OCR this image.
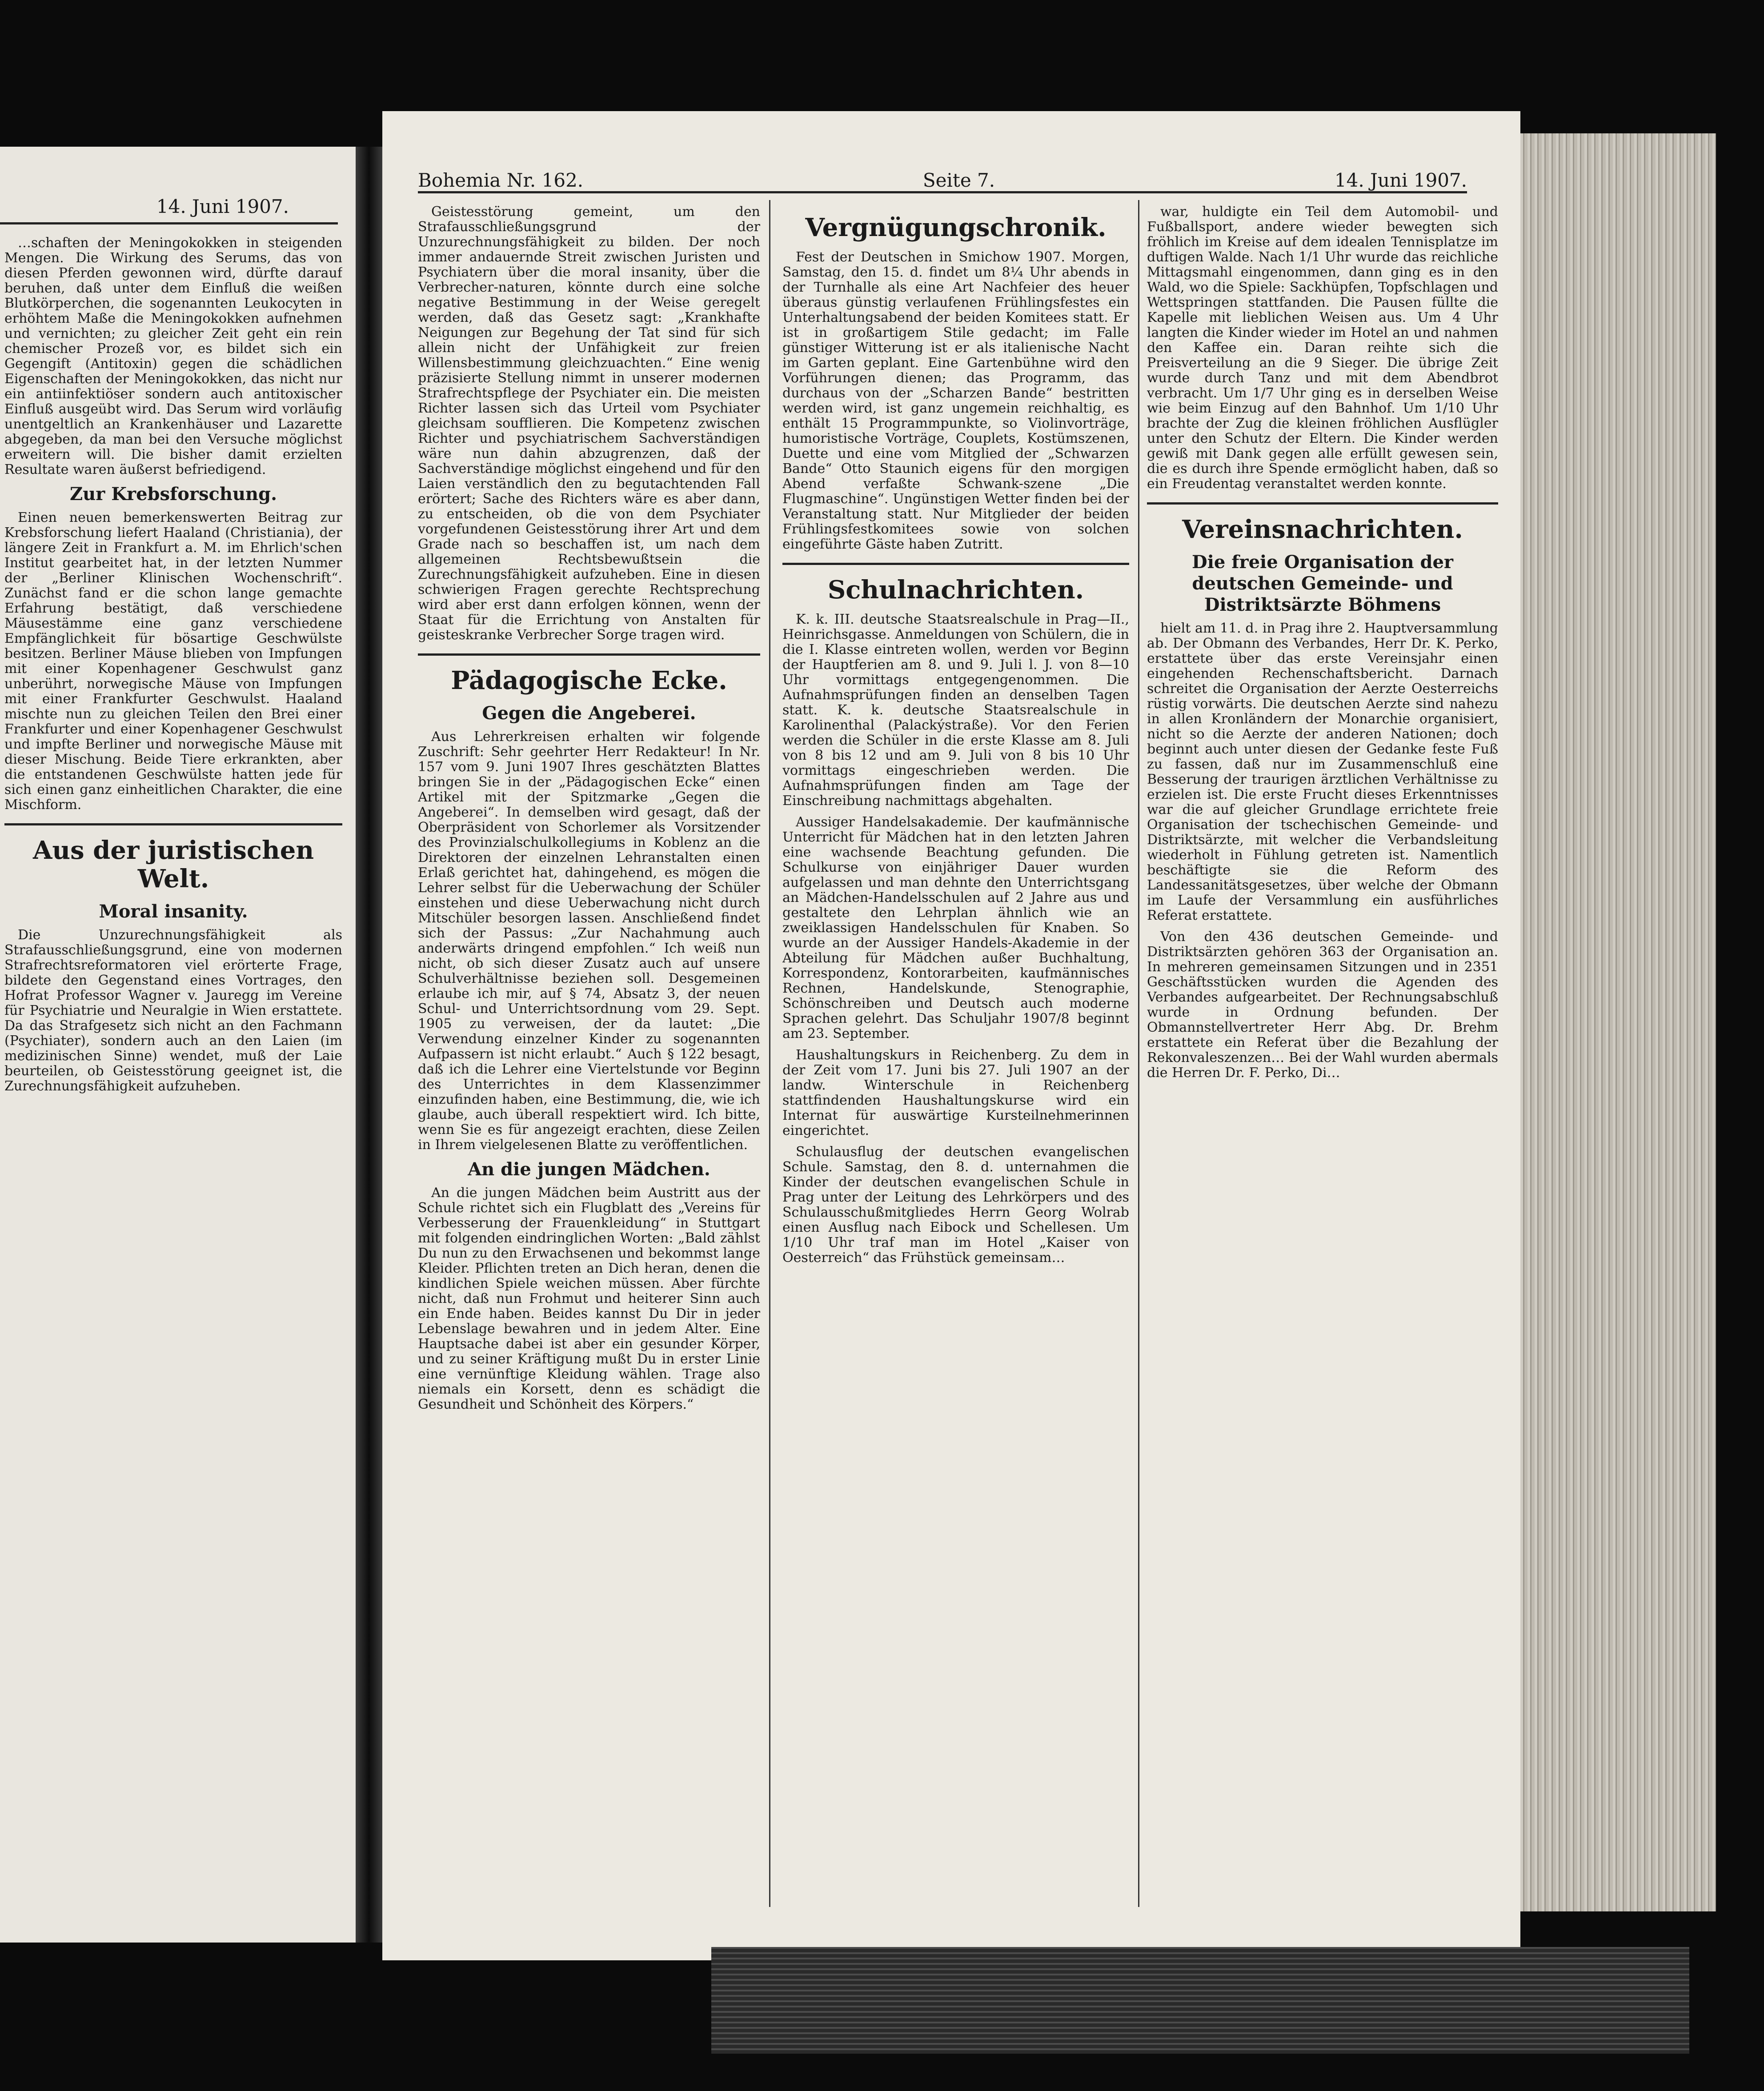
14. Juni 1907.

…schaften der Meningokokken in steigenden Mengen. Die Wirkung des Serums, das von diesen Pferden gewonnen wird, dürfte darauf beruhen, daß unter dem Einfluß die weißen Blutkörperchen, die sogenannten Leukocyten in erhöhtem Maße die Meningokokken aufnehmen und vernichten; zu gleicher Zeit geht ein rein chemischer Prozeß vor, es bildet sich ein Gegengift (Antitoxin) gegen die schädlichen Eigenschaften der Meningokokken, das nicht nur ein antiinfektiöser sondern auch antitoxischer Einfluß ausgeübt wird. Das Serum wird vorläufig unentgeltlich an Krankenhäuser und Lazarette abgegeben, da man bei den Versuche möglichst erweitern will. Die bisher damit erzielten Resultate waren äußerst befriedigend.

Zur Krebsforschung.

Einen neuen bemerkenswerten Beitrag zur Krebsforschung liefert Haaland (Christiania), der längere Zeit in Frankfurt a. M. im Ehrlich'schen Institut gearbeitet hat, in der letzten Nummer der „Berliner Klinischen Wochenschrift“. Zunächst fand er die schon lange gemachte Erfahrung bestätigt, daß verschiedene Mäusestämme eine ganz verschiedene Empfänglichkeit für bösartige Geschwülste besitzen. Berliner Mäuse blieben von Impfungen mit einer Kopenhagener Geschwulst ganz unberührt, norwegische Mäuse von Impfungen mit einer Frankfurter Geschwulst. Haaland mischte nun zu gleichen Teilen den Brei einer Frankfurter und einer Kopenhagener Geschwulst und impfte Berliner und norwegische Mäuse mit dieser Mischung. Beide Tiere erkrankten, aber die entstandenen Geschwülste hatten jede für sich einen ganz einheitlichen Charakter, die eine Mischform.

Aus der juristischen Welt.
Moral insanity.

Die Unzurechnungsfähigkeit als Strafausschließungsgrund, eine von modernen Strafrechtsreformatoren viel erörterte Frage, bildete den Gegenstand eines Vortrages, den Hofrat Professor Wagner v. Jauregg im Vereine für Psychiatrie und Neuralgie in Wien erstattete. Da das Strafgesetz sich nicht an den Fachmann (Psychiater), sondern auch an den Laien (im medizinischen Sinne) wendet, muß der Laie beurteilen, ob Geistesstörung geeignet ist, die Zurechnungsfähigkeit aufzuheben.

Bohemia Nr. 162.	Seite 7.	14. Juni 1907.

Geistesstörung gemeint, um den Strafausschließungsgrund der Unzurechnungsfähigkeit zu bilden. Der noch immer andauernde Streit zwischen Juristen und Psychiatern über die moral insanity, über die Verbrecher-naturen, könnte durch eine solche negative Bestimmung in der Weise geregelt werden, daß das Gesetz sagt: „Krankhafte Neigungen zur Begehung der Tat sind für sich allein nicht der Unfähigkeit zur freien Willensbestimmung gleichzuachten.“ Eine wenig präzisierte Stellung nimmt in unserer modernen Strafrechtspflege der Psychiater ein. Die meisten Richter lassen sich das Urteil vom Psychiater gleichsam soufflieren. Die Kompetenz zwischen Richter und psychiatrischem Sachverständigen wäre nun dahin abzugrenzen, daß der Sachverständige möglichst eingehend und für den Laien verständlich den zu begutachtenden Fall erörtert; Sache des Richters wäre es aber dann, zu entscheiden, ob die von dem Psychiater vorgefundenen Geistesstörung ihrer Art und dem Grade nach so beschaffen ist, um nach dem allgemeinen Rechtsbewußtsein die Zurechnungsfähigkeit aufzuheben. Eine in diesen schwierigen Fragen gerechte Rechtsprechung wird aber erst dann erfolgen können, wenn der Staat für die Errichtung von Anstalten für geisteskranke Verbrecher Sorge tragen wird.

Pädagogische Ecke.
Gegen die Angeberei.

Aus Lehrerkreisen erhalten wir folgende Zuschrift: Sehr geehrter Herr Redakteur! In Nr. 157 vom 9. Juni 1907 Ihres geschätzten Blattes bringen Sie in der „Pädagogischen Ecke“ einen Artikel mit der Spitzmarke „Gegen die Angeberei“. In demselben wird gesagt, daß der Oberpräsident von Schorlemer als Vorsitzender des Provinzialschulkollegiums in Koblenz an die Direktoren der einzelnen Lehranstalten einen Erlaß gerichtet hat, dahingehend, es mögen die Lehrer selbst für die Ueberwachung der Schüler einstehen und diese Ueberwachung nicht durch Mitschüler besorgen lassen. Anschließend findet sich der Passus: „Zur Nachahmung auch anderwärts dringend empfohlen.“ Ich weiß nun nicht, ob sich dieser Zusatz auch auf unsere Schulverhältnisse beziehen soll. Desgemeinen erlaube ich mir, auf § 74, Absatz 3, der neuen Schul- und Unterrichtsordnung vom 29. Sept. 1905 zu verweisen, der da lautet: „Die Verwendung einzelner Kinder zu sogenannten Aufpassern ist nicht erlaubt.“ Auch § 122 besagt, daß ich die Lehrer eine Viertelstunde vor Beginn des Unterrichtes in dem Klassenzimmer einzufinden haben, eine Bestimmung, die, wie ich glaube, auch überall respektiert wird. Ich bitte, wenn Sie es für angezeigt erachten, diese Zeilen in Ihrem vielgelesenen Blatte zu veröffentlichen.

An die jungen Mädchen.

An die jungen Mädchen beim Austritt aus der Schule richtet sich ein Flugblatt des „Vereins für Verbesserung der Frauenkleidung“ in Stuttgart mit folgenden eindringlichen Worten: „Bald zählst Du nun zu den Erwachsenen und bekommst lange Kleider. Pflichten treten an Dich heran, denen die kindlichen Spiele weichen müssen. Aber fürchte nicht, daß nun Frohmut und heiterer Sinn auch ein Ende haben. Beides kannst Du Dir in jeder Lebenslage bewahren und in jedem Alter. Eine Hauptsache dabei ist aber ein gesunder Körper, und zu seiner Kräftigung mußt Du in erster Linie eine vernünftige Kleidung wählen. Trage also niemals ein Korsett, denn es schädigt die Gesundheit und Schönheit des Körpers.“

Vergnügungschronik.

Fest der Deutschen in Smichow 1907. Morgen, Samstag, den 15. d. findet um 8¼ Uhr abends in der Turnhalle als eine Art Nachfeier des heuer überaus günstig verlaufenen Frühlingsfestes ein Unterhaltungsabend der beiden Komitees statt. Er ist in großartigem Stile gedacht; im Falle günstiger Witterung ist er als italienische Nacht im Garten geplant. Eine Gartenbühne wird den Vorführungen dienen; das Programm, das durchaus von der „Scharzen Bande“ bestritten werden wird, ist ganz ungemein reichhaltig, es enthält 15 Programmpunkte, so Violinvorträge, humoristische Vorträge, Couplets, Kostümszenen, Duette und eine vom Mitglied der „Schwarzen Bande“ Otto Staunich eigens für den morgigen Abend verfaßte Schwank-szene „Die Flugmaschine“. Ungünstigen Wetter finden bei der Veranstaltung statt. Nur Mitglieder der beiden Frühlingsfestkomitees sowie von solchen eingeführte Gäste haben Zutritt.

Schulnachrichten.

K. k. III. deutsche Staatsrealschule in Prag—II., Heinrichsgasse. Anmeldungen von Schülern, die in die I. Klasse eintreten wollen, werden vor Beginn der Hauptferien am 8. und 9. Juli l. J. von 8—10 Uhr vormittags entgegengenommen. Die Aufnahmsprüfungen finden an denselben Tagen statt. K. k. deutsche Staatsrealschule in Karolinenthal (Palackýstraße). Vor den Ferien werden die Schüler in die erste Klasse am 8. Juli von 8 bis 12 und am 9. Juli von 8 bis 10 Uhr vormittags eingeschrieben werden. Die Aufnahmsprüfungen finden am Tage der Einschreibung nachmittags abgehalten.

Aussiger Handelsakademie. Der kaufmännische Unterricht für Mädchen hat in den letzten Jahren eine wachsende Beachtung gefunden. Die Schulkurse von einjähriger Dauer wurden aufgelassen und man dehnte den Unterrichtsgang an Mädchen-Handelsschulen auf 2 Jahre aus und gestaltete den Lehrplan ähnlich wie an zweiklassigen Handelsschulen für Knaben. So wurde an der Aussiger Handels-Akademie in der Abteilung für Mädchen außer Buchhaltung, Korrespondenz, Kontorarbeiten, kaufmännisches Rechnen, Handelskunde, Stenographie, Schönschreiben und Deutsch auch moderne Sprachen gelehrt. Das Schuljahr 1907/8 beginnt am 23. September.

Haushaltungskurs in Reichenberg. Zu dem in der Zeit vom 17. Juni bis 27. Juli 1907 an der landw. Winterschule in Reichenberg stattfindenden Haushaltungskurse wird ein Internat für auswärtige Kursteilnehmerinnen eingerichtet.

Schulausflug der deutschen evangelischen Schule. Samstag, den 8. d. unternahmen die Kinder der deutschen evangelischen Schule in Prag unter der Leitung des Lehrkörpers und des Schulausschußmitgliedes Herrn Georg Wolrab einen Ausflug nach Eibock und Schellesen. Um 1/10 Uhr traf man im Hotel „Kaiser von Oesterreich“ das Frühstück gemeinsam…

war, huldigte ein Teil dem Automobil- und Fußballsport, andere wieder bewegten sich fröhlich im Kreise auf dem idealen Tennisplatze im duftigen Walde. Nach 1/1 Uhr wurde das reichliche Mittagsmahl eingenommen, dann ging es in den Wald, wo die Spiele: Sackhüpfen, Topfschlagen und Wettspringen stattfanden. Die Pausen füllte die Kapelle mit lieblichen Weisen aus. Um 4 Uhr langten die Kinder wieder im Hotel an und nahmen den Kaffee ein. Daran reihte sich die Preisverteilung an die 9 Sieger. Die übrige Zeit wurde durch Tanz und mit dem Abendbrot verbracht. Um 1/7 Uhr ging es in derselben Weise wie beim Einzug auf den Bahnhof. Um 1/10 Uhr brachte der Zug die kleinen fröhlichen Ausflügler unter den Schutz der Eltern. Die Kinder werden gewiß mit Dank gegen alle erfüllt gewesen sein, die es durch ihre Spende ermöglicht haben, daß so ein Freudentag veranstaltet werden konnte.

Vereinsnachrichten.
Die freie Organisation der deutschen Gemeinde- und Distriktsärzte Böhmens

hielt am 11. d. in Prag ihre 2. Hauptversammlung ab. Der Obmann des Verbandes, Herr Dr. K. Perko, erstattete über das erste Vereinsjahr einen eingehenden Rechenschaftsbericht. Darnach schreitet die Organisation der Aerzte Oesterreichs rüstig vorwärts. Die deutschen Aerzte sind nahezu in allen Kronländern der Monarchie organisiert, nicht so die Aerzte der anderen Nationen; doch beginnt auch unter diesen der Gedanke feste Fuß zu fassen, daß nur im Zusammenschluß eine Besserung der traurigen ärztlichen Verhältnisse zu erzielen ist. Die erste Frucht dieses Erkenntnisses war die auf gleicher Grundlage errichtete freie Organisation der tschechischen Gemeinde- und Distriktsärzte, mit welcher die Verbandsleitung wiederholt in Fühlung getreten ist. Namentlich beschäftigte sie die Reform des Landessanitätsgesetzes, über welche der Obmann im Laufe der Versammlung ein ausführliches Referat erstattete.

Von den 436 deutschen Gemeinde- und Distriktsärzten gehören 363 der Organisation an. In mehreren gemeinsamen Sitzungen und in 2351 Geschäftsstücken wurden die Agenden des Verbandes aufgearbeitet. Der Rechnungsabschluß wurde in Ordnung befunden. Der Obmannstellvertreter Herr Abg. Dr. Brehm erstattete ein Referat über die Bezahlung der Rekonvaleszenzen… Bei der Wahl wurden abermals die Herren Dr. F. Perko, Di…
